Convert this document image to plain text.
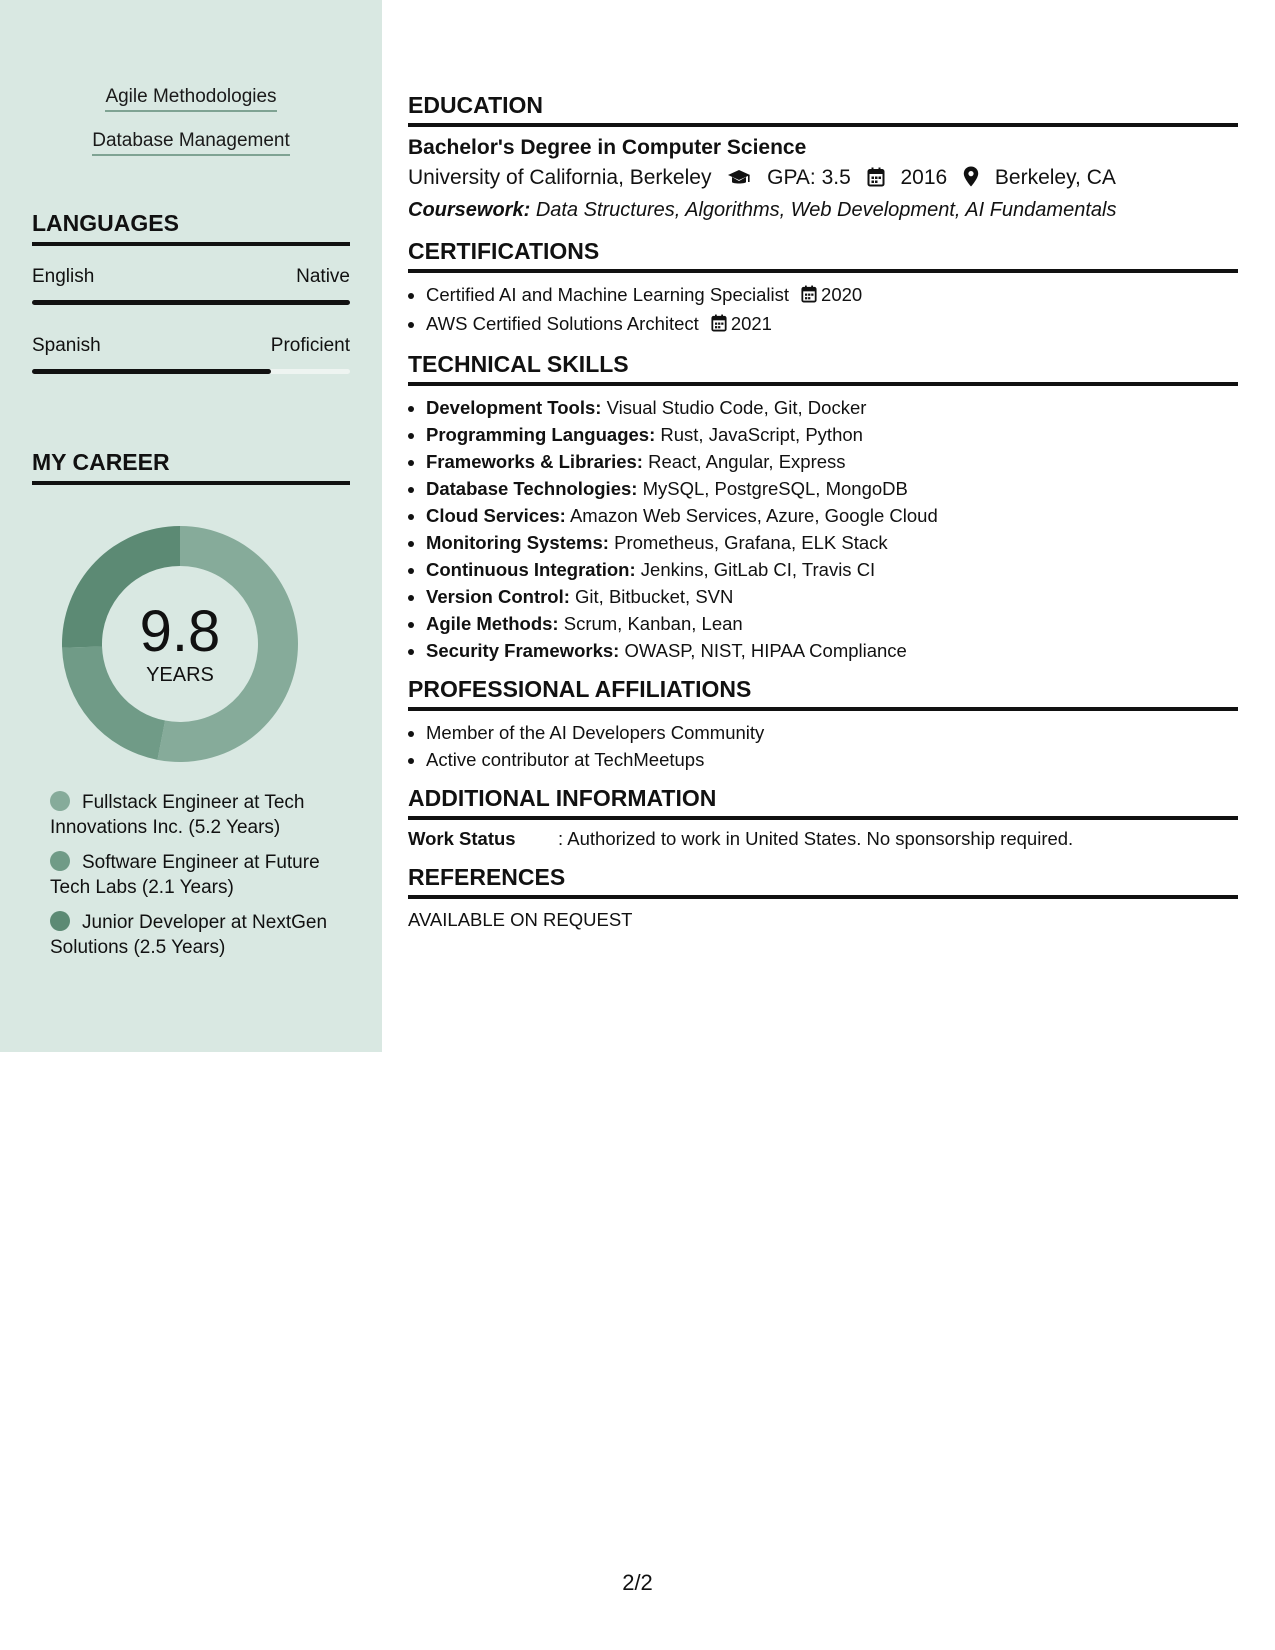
Agile Methodologies
Database Management
LANGUAGES
English	Native
Spanish	Proficient
MY CAREER
9.8
YEARS
Fullstack Engineer at Tech Innovations Inc. (5.2 Years)
Software Engineer at Future Tech Labs (2.1 Years)
Junior Developer at NextGen Solutions (2.5 Years)
EDUCATION
Bachelor's Degree in Computer Science
University of California, Berkeley	GPA: 3.5 2016 Berkeley, CA
Coursework: Data Structures, Algorithms, Web Development, AI Fundamentals
CERTIFICATIONS
• Certified AI and Machine Learning Specialist 2020
• AWS Certified Solutions Architect 2021
TECHNICAL SKILLS
• Development Tools: Visual Studio Code, Git, Docker
• Programming Languages: Rust, JavaScript, Python
• Frameworks & Libraries: React, Angular, Express
• Database Technologies: MySQL, PostgreSQL, MongoDB
• Cloud Services: Amazon Web Services, Azure, Google Cloud
• Monitoring Systems: Prometheus, Grafana, ELK Stack
• Continuous Integration: Jenkins, GitLab CI, Travis CI
• Version Control: Git, Bitbucket, SVN
• Agile Methods: Scrum, Kanban, Lean
• Security Frameworks: OWASP, NIST, HIPAA Compliance
PROFESSIONAL AFFILIATIONS
• Member of the AI Developers Community
• Active contributor at TechMeetups
ADDITIONAL INFORMATION
Work Status : Authorized to work in United States. No sponsorship required.
REFERENCES
AVAILABLE ON REQUEST
2/2
